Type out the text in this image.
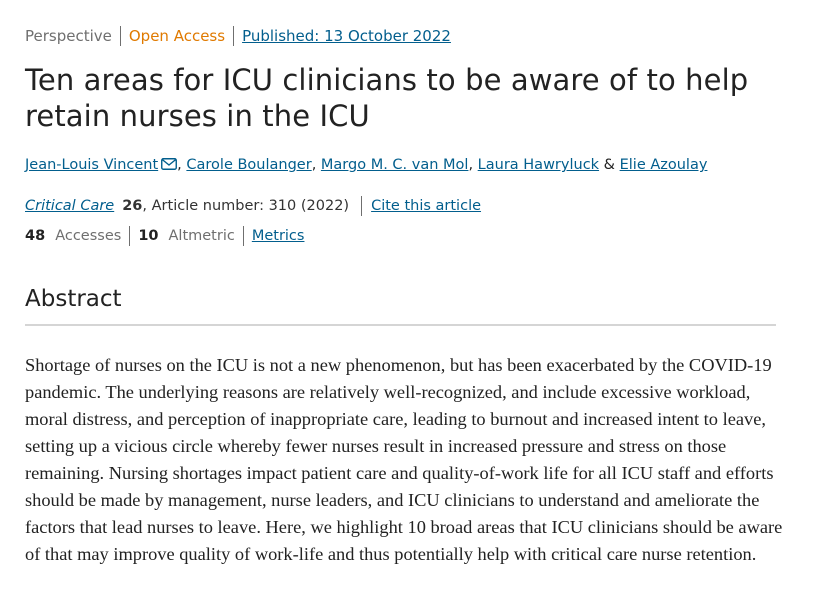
Perspective Open Access Published: 13 October 2022
Ten areas for ICU clinicians to be aware of to help retain nurses in the ICU
Jean-Louis Vincent , Carole Boulanger, Margo M. C. van Mol, Laura Hawryluck & Elie Azoulay
Critical Care 26 , Article number: 310 (2022) Cite this article
48 Accesses 10 Altmetric Metrics
Abstract

Shortage of nurses on the ICU is not a new phenomenon, but has been exacerbated by the COVID-19 pandemic. The underlying reasons are relatively well-recognized, and include excessive workload, moral distress, and perception of inappropriate care, leading to burnout and increased intent to leave, setting up a vicious circle whereby fewer nurses result in increased pressure and stress on those remaining. Nursing shortages impact patient care and quality-of-work life for all ICU staff and efforts should be made by management, nurse leaders, and ICU clinicians to understand and ameliorate the factors that lead nurses to leave. Here, we highlight 10 broad areas that ICU clinicians should be aware of that may improve quality of work-life and thus potentially help with critical care nurse retention.
